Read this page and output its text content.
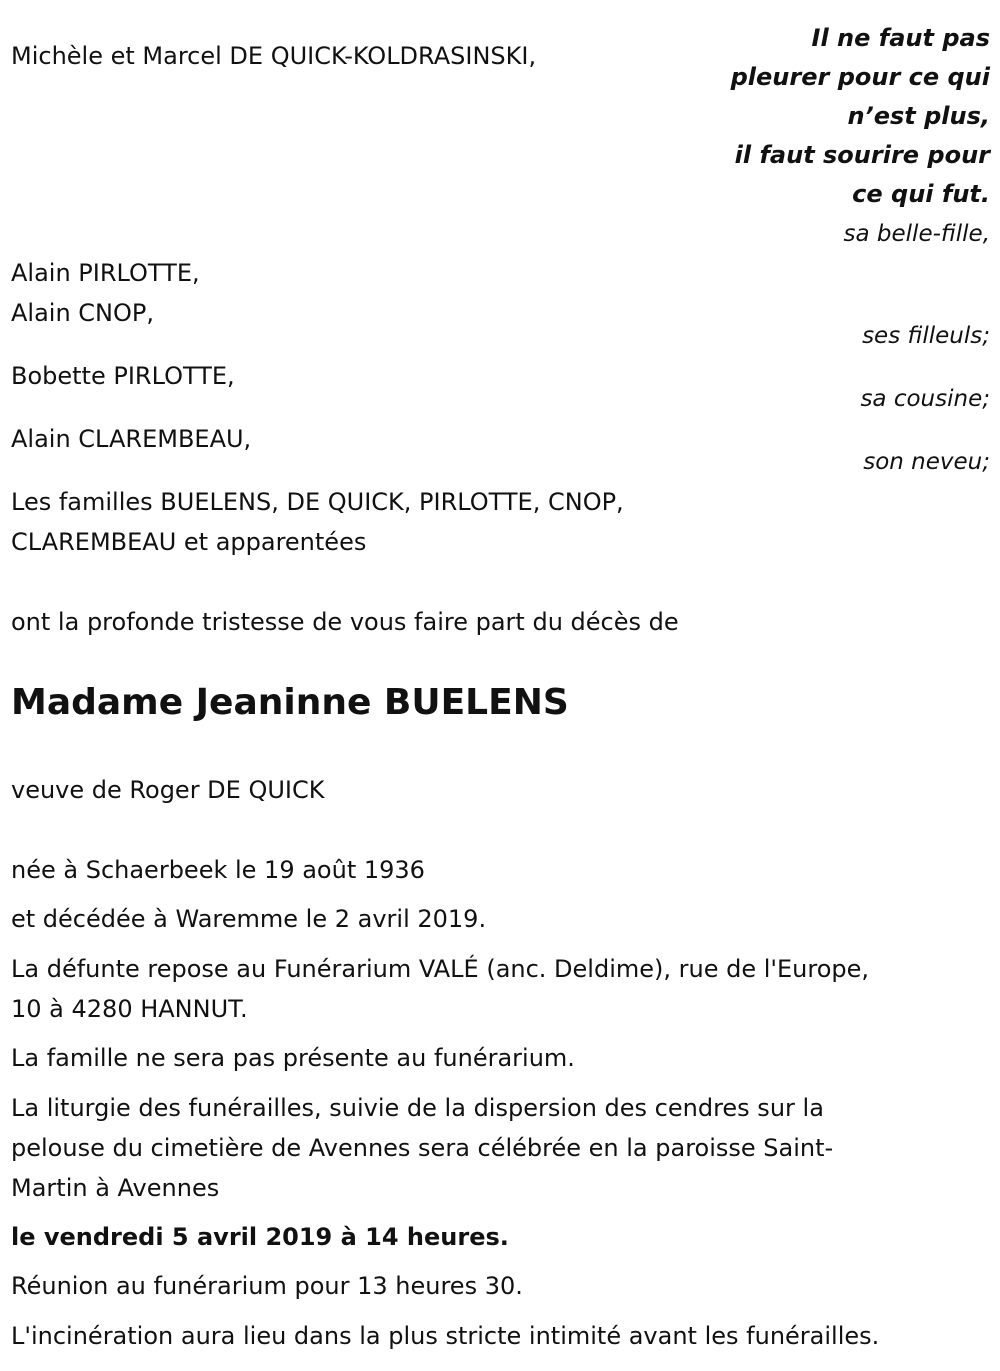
Il ne faut pas
pleurer pour ce qui
n’est plus,
il faut sourire pour
ce qui fut.

Michèle et Marcel DE QUICK-KOLDRASINSKI,

sa belle-fille,

Alain PIRLOTTE,

Alain CNOP,

ses filleuls;

Bobette PIRLOTTE,

sa cousine;

Alain CLAREMBEAU,

son neveu;

Les familles BUELENS, DE QUICK, PIRLOTTE, CNOP,

CLAREMBEAU et apparentées

ont la profonde tristesse de vous faire part du décès de

Madame Jeaninne BUELENS

veuve de Roger DE QUICK

née à Schaerbeek le 19 août 1936

et décédée à Waremme le 2 avril 2019.

La défunte repose au Funérarium VALÉ (anc. Deldime), rue de l'Europe,

10 à 4280 HANNUT.

La famille ne sera pas présente au funérarium.

La liturgie des funérailles, suivie de la dispersion des cendres sur la

pelouse du cimetière de Avennes sera célébrée en la paroisse Saint-

Martin à Avennes

le vendredi 5 avril 2019 à 14 heures.

Réunion au funérarium pour 13 heures 30.

L'incinération aura lieu dans la plus stricte intimité avant les funérailles.
